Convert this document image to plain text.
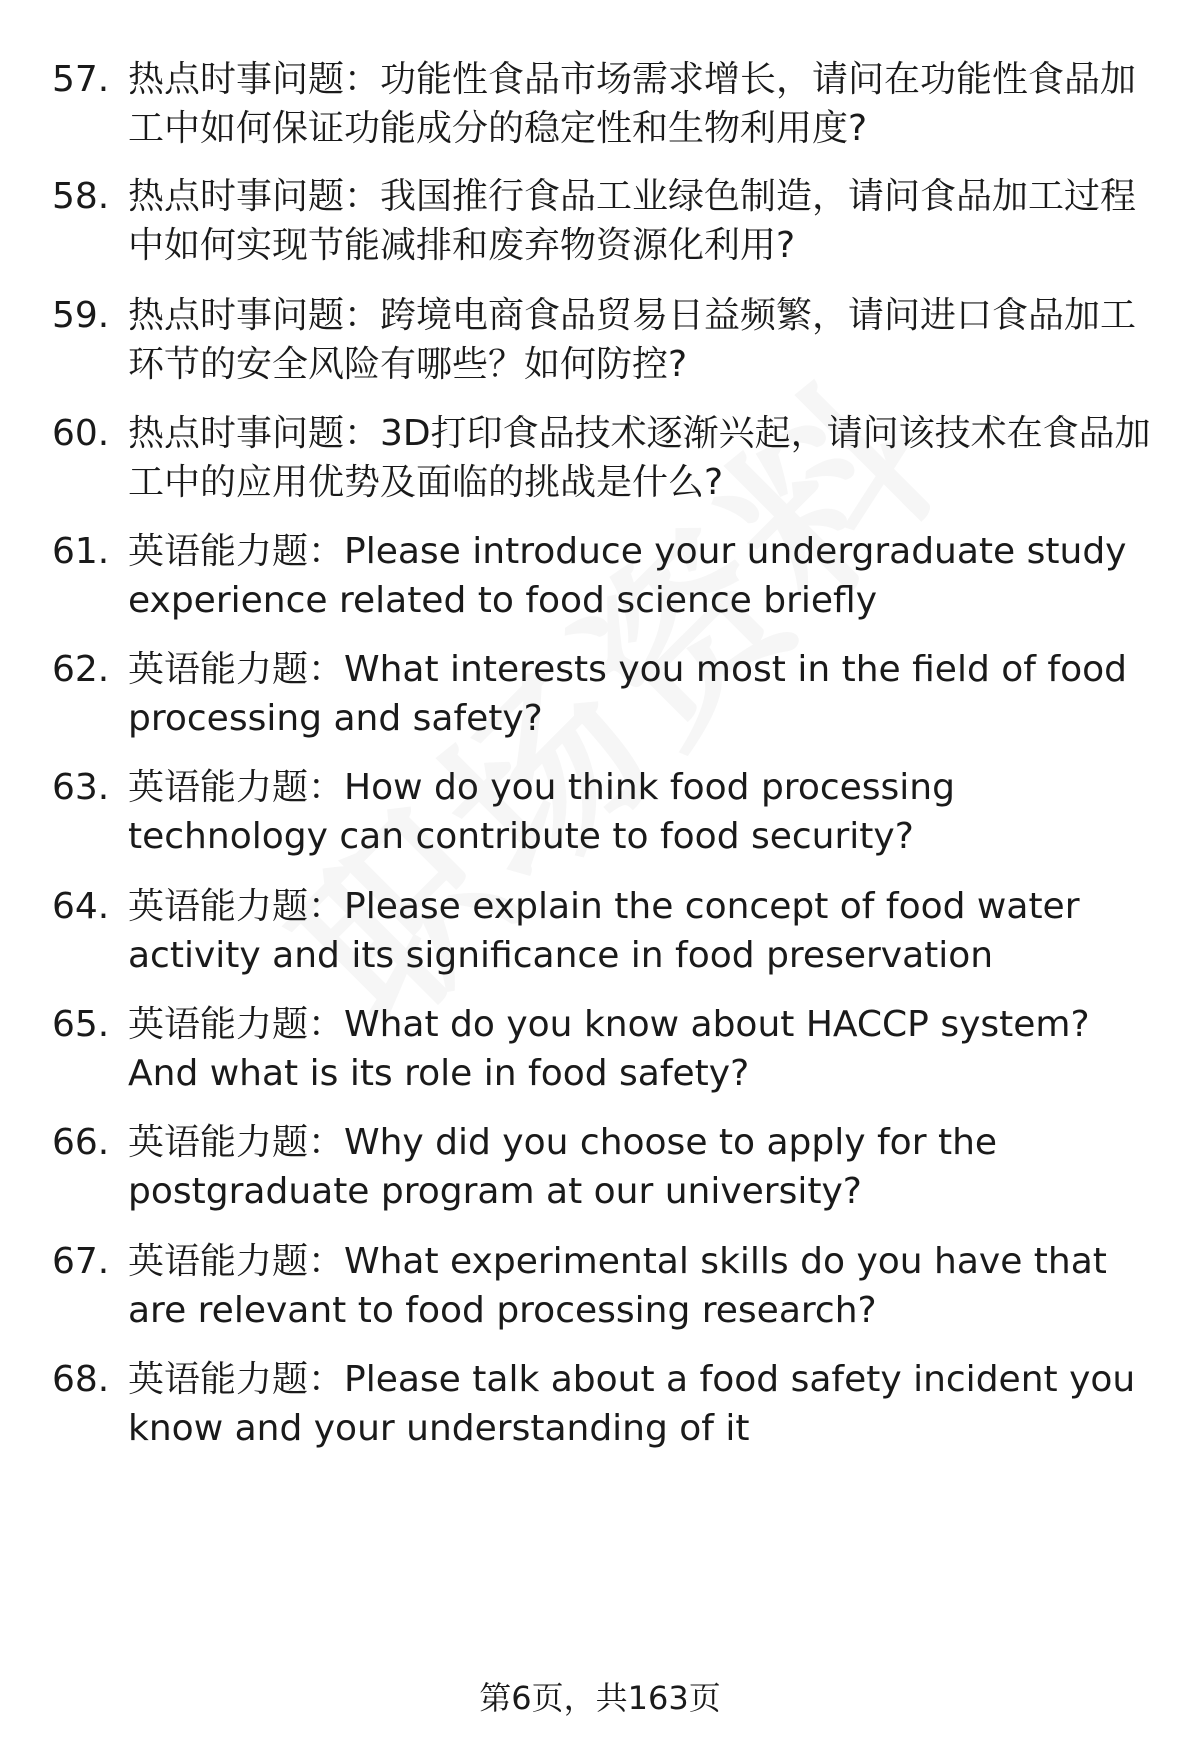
57. 热点时事问题：功能性食品市场需求增长，请问在功能性食品加工中如何保证功能成分的稳定性和生物利用度?
58. 热点时事问题：我国推行食品工业绿色制造，请问食品加工过程中如何实现节能减排和废弃物资源化利用?
59. 热点时事问题：跨境电商食品贸易日益频繁，请问进口食品加工环节的安全风险有哪些？如何防控?
60. 热点时事问题：3D打印食品技术逐渐兴起，请问该技术在食品加工中的应用优势及面临的挑战是什么?
61. 英语能力题：Please introduce your undergraduate study experience related to food science briefly
62. 英语能力题：What interests you most in the field of food processing and safety?
63. 英语能力题：How do you think food processing technology can contribute to food security?
64. 英语能力题：Please explain the concept of food water activity and its significance in food preservation
65. 英语能力题：What do you know about HACCP system? And what is its role in food safety?
66. 英语能力题：Why did you choose to apply for the postgraduate program at our university?
67. 英语能力题：What experimental skills do you have that are relevant to food processing research?
68. 英语能力题：Please talk about a food safety incident you know and your understanding of it
第6页，共163页
